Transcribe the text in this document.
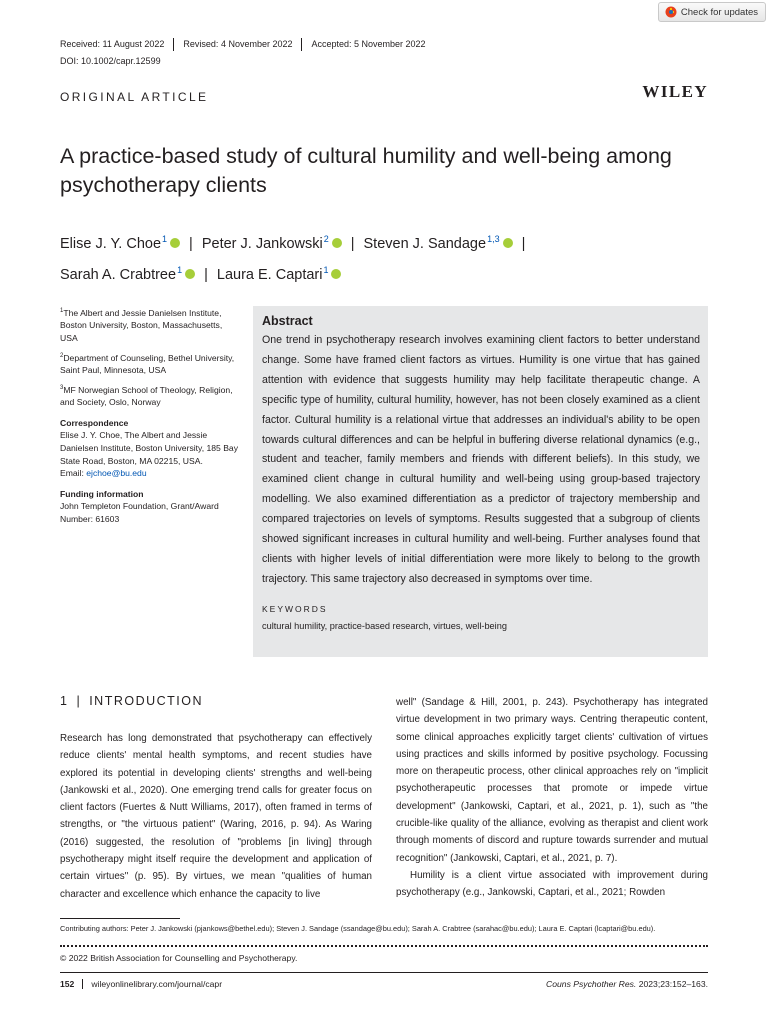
Check for updates
Received: 11 August 2022	Revised: 4 November 2022	Accepted: 5 November 2022
DOI: 10.1002/capr.12599
ORIGINAL ARTICLE	WILEY
A practice-based study of cultural humility and well-being among psychotherapy clients
Elise J. Y. Choe$^1$ | Peter J. Jankowski$^2$ | Steven J. Sandage$^{1,3}$ |
Sarah A. Crabtree$^1$ | Laura E. Captari$^1$
$^1$The Albert and Jessie Danielsen Institute, Boston University, Boston, Massachusetts, USA
$^2$Department of Counseling, Bethel University, Saint Paul, Minnesota, USA
$^3$MF Norwegian School of Theology, Religion, and Society, Oslo, Norway
Correspondence
Elise J. Y. Choe, The Albert and Jessie Danielsen Institute, Boston University, 185 Bay State Road, Boston, MA 02215, USA.
Email: ejchoe@bu.edu
Funding information
John Templeton Foundation, Grant/Award Number: 61603
Abstract

One trend in psychotherapy research involves examining client factors to better understand change. Some have framed client factors as virtues. Humility is one virtue that has gained attention with evidence that suggests humility may help facilitate therapeutic change. A specific type of humility, cultural humility, however, has not been closely examined as a client factor. Cultural humility is a relational virtue that addresses an individual's ability to be open towards cultural differences and can be helpful in buffering diverse relational dynamics (e.g., student and teacher, family members and friends with different beliefs). In this study, we examined client change in cultural humility and well-being using group-based trajectory modelling. We also examined differentiation as a predictor of trajectory membership and compared trajectories on levels of symptoms. Results suggested that a subgroup of clients showed significant increases in cultural humility and well-being. Further analyses found that clients with higher levels of initial differentiation were more likely to belong to the growth trajectory. This same trajectory also decreased in symptoms over time.

KEYWORDS
cultural humility, practice-based research, virtues, well-being
1 | INTRODUCTION

Research has long demonstrated that psychotherapy can effectively reduce clients' mental health symptoms, and recent studies have explored its potential in developing clients' strengths and well-being (Jankowski et al., 2020). One emerging trend calls for greater focus on client factors (Fuertes & Nutt Williams, 2017), often framed in terms of strengths, or "the virtuous patient" (Waring, 2016, p. 94). As Waring (2016) suggested, the resolution of "problems [in living] through psychotherapy might itself require the development and application of certain virtues" (p. 95). By virtues, we mean "qualities of human character and excellence which enhance the capacity to live

well" (Sandage & Hill, 2001, p. 243). Psychotherapy has integrated virtue development in two primary ways. Centring therapeutic content, some clinical approaches explicitly target clients' cultivation of virtues using practices and skills informed by positive psychology. Focussing more on therapeutic process, other clinical approaches rely on "implicit psychotherapeutic processes that promote or impede virtue development" (Jankowski, Captari, et al., 2021, p. 1), such as "the crucible-like quality of the alliance, evolving as therapist and client work through moments of discord and rupture towards surrender and mutual recognition" (Jankowski, Captari, et al., 2021, p. 7).
Humility is a client virtue associated with improvement during psychotherapy (e.g., Jankowski, Captari, et al., 2021; Rowden
Contributing authors: Peter J. Jankowski (pjankows@bethel.edu); Steven J. Sandage (ssandage@bu.edu); Sarah A. Crabtree (sarahac@bu.edu); Laura E. Captari (lcaptari@bu.edu).
© 2022 British Association for Counselling and Psychotherapy.
152	wileyonlinelibrary.com/journal/capr	Couns Psychother Res. 2023;23:152–163.
